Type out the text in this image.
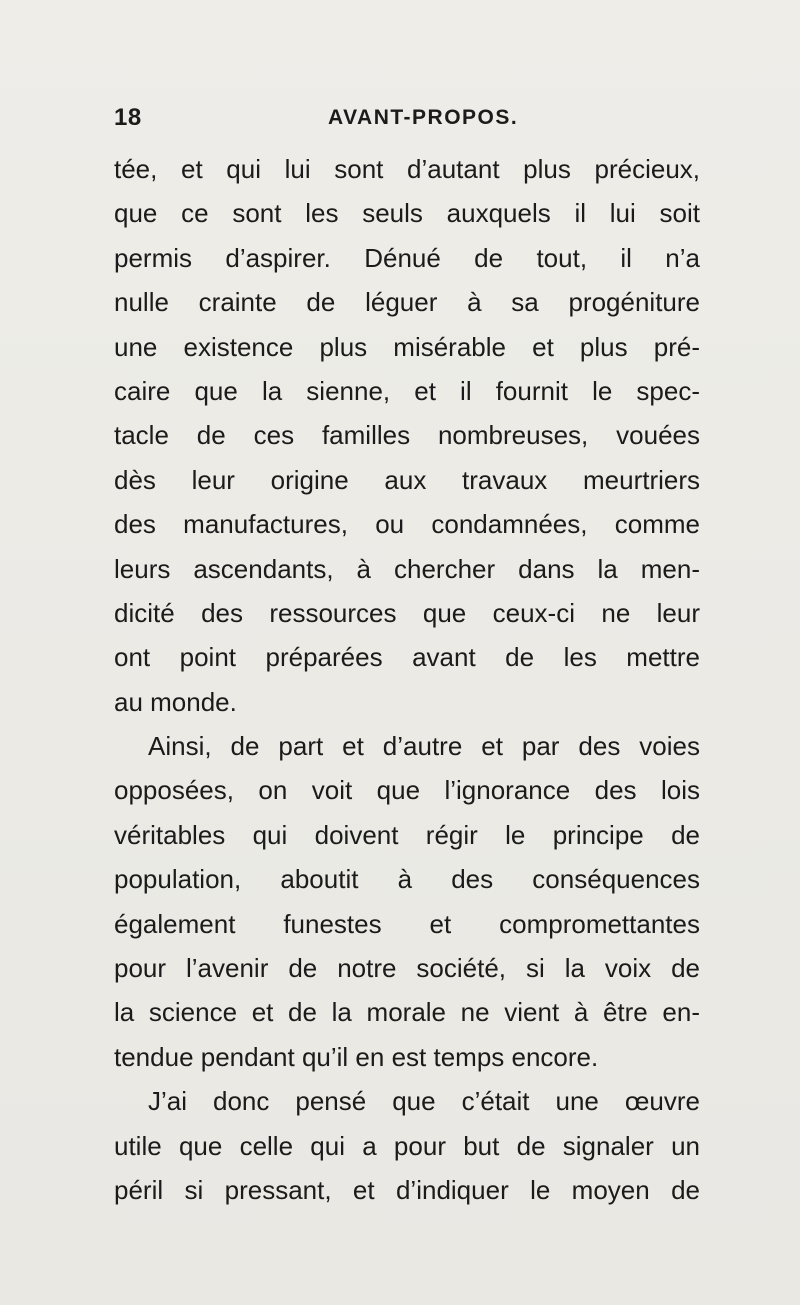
18	AVANT-PROPOS.
tée, et qui lui sont d’autant plus précieux,
que ce sont les seuls auxquels il lui soit
permis d’aspirer. Dénué de tout, il n’a
nulle crainte de léguer à sa progéniture
une existence plus misérable et plus pré-
caire que la sienne, et il fournit le spec-
tacle de ces familles nombreuses, vouées
dès leur origine aux travaux meurtriers
des manufactures, ou condamnées, comme
leurs ascendants, à chercher dans la men-
dicité des ressources que ceux-ci ne leur
ont point préparées avant de les mettre
au monde.
Ainsi, de part et d’autre et par des voies
opposées, on voit que l’ignorance des lois
véritables qui doivent régir le principe de
population, aboutit à des conséquences
également funestes et compromettantes
pour l’avenir de notre société, si la voix de
la science et de la morale ne vient à être en-
tendue pendant qu’il en est temps encore.
J’ai donc pensé que c’était une œuvre
utile que celle qui a pour but de signaler un
péril si pressant, et d’indiquer le moyen de
